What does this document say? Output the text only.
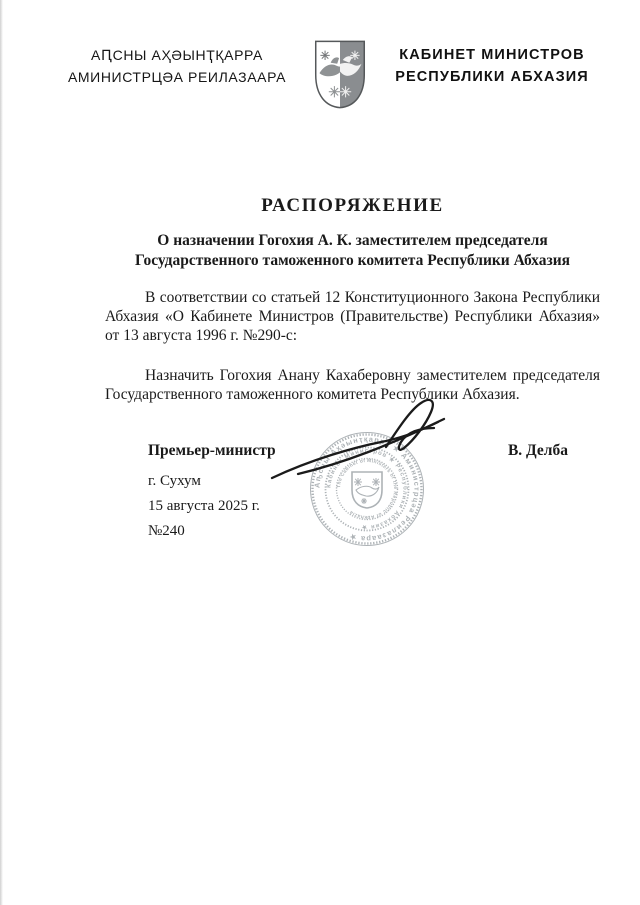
АԤСНЫ АҲӘЫНҬҚАРРА
АМИНИСТРЦӘА РЕИЛАЗААРА
КАБИНЕТ МИНИСТРОВ
РЕСПУБЛИКИ АБХАЗИЯ
РАСПОРЯЖЕНИЕ
О назначении Гогохия А. К. заместителем председателя
Государственного таможенного комитета Республики Абхазия

В соответствии со статьей 12 Конституционного Закона Республики Абхазия «О Кабинете Министров (Правительстве) Республики Абхазия» от 13 августа 1996 г. №290-с:

Назначить Гогохия Анану Кахаберовну заместителем председателя Государственного таможенного комитета Республики Абхазия.

Премьер-министр	В. Делба
Аҧсны Аҳәынҭқарра ★ Аминистрцәа Реилазаара ★
Кабинет Министров ★ Республики Абхазия ★
The Cabinet of Ministers of the Republic of Abkhazia
г. Сухум
15 августа 2025 г.
№240
